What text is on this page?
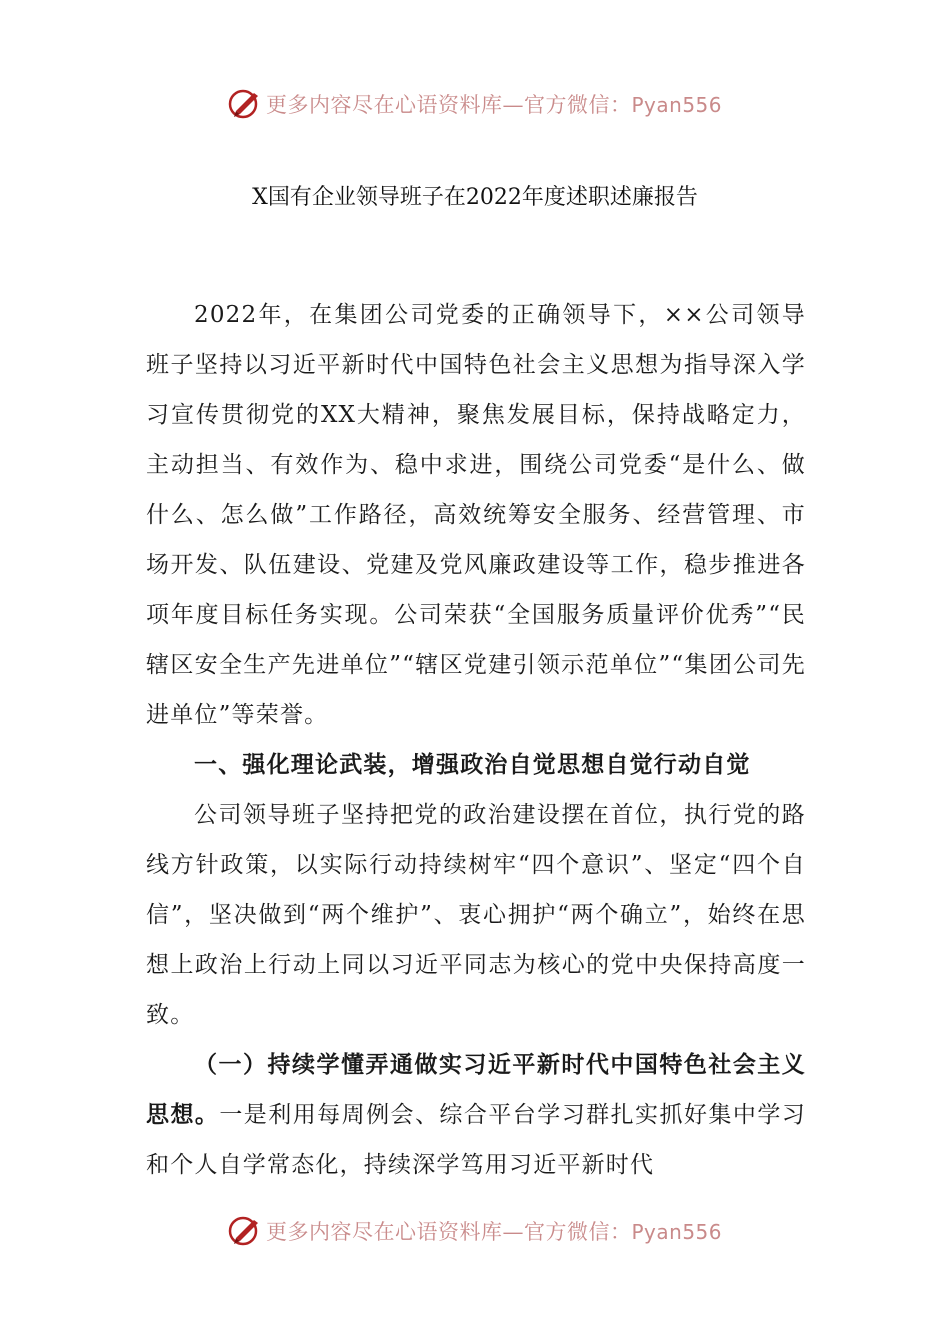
更多内容尽在心语资料库—官方微信：Pyan556
X国有企业领导班子在2022年度述职述廉报告

2022年，在集团公司党委的正确领导下，××公司领导班子坚持以习近平新时代中国特色社会主义思想为指导深入学习宣传贯彻党的XX大精神，聚焦发展目标，保持战略定力，主动担当、有效作为、稳中求进，围绕公司党委“是什么、做什么、怎么做”工作路径，高效统筹安全服务、经营管理、市场开发、队伍建设、党建及党风廉政建设等工作，稳步推进各项年度目标任务实现。公司荣获“全国服务质量评价优秀”“民辖区安全生产先进单位”“辖区党建引领示范单位”“集团公司先进单位”等荣誉。

一、强化理论武装，增强政治自觉思想自觉行动自觉

公司领导班子坚持把党的政治建设摆在首位，执行党的路线方针政策，以实际行动持续树牢“四个意识”、坚定“四个自信”，坚决做到“两个维护”、衷心拥护“两个确立”，始终在思想上政治上行动上同以习近平同志为核心的党中央保持高度一致。

（一）持续学懂弄通做实习近平新时代中国特色社会主义思想。一是利用每周例会、综合平台学习群扎实抓好集中学习和个人自学常态化，持续深学笃用习近平新时代

更多内容尽在心语资料库—官方微信：Pyan556
